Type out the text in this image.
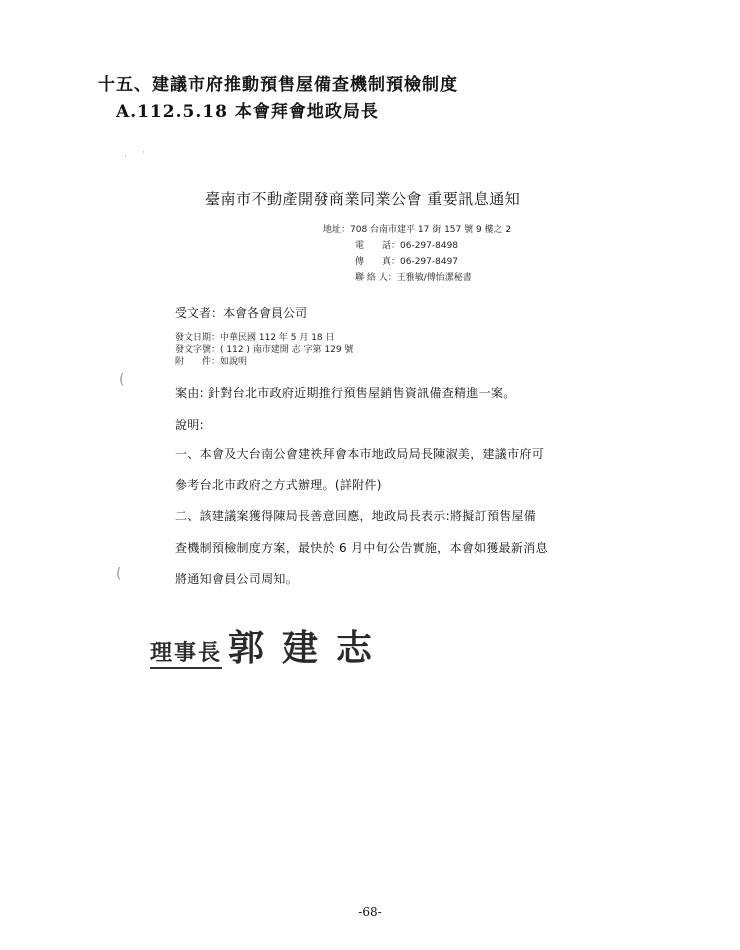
十五、建議市府推動預售屋備查機制預檢制度
A.112.5.18 本會拜會地政局長
· ·
(
(
臺南市不動產開發商業同業公會 重要訊息通知
地址：708 台南市建平 17 街 157 號 9 樓之 2
電　　話：06-297-8498
傳　　真：06-297-8497
聯 絡 人：王雅敏/傅怡潔秘書
受文者：本會各會員公司
發文日期：中華民國 112 年 5 月 18 日
發文字號：( 112 ) 南市建開 志 字第 129 號
附　　件：如說明
案由: 針對台北市政府近期推行預售屋銷售資訊備查精進一案。
說明:
一、本會及大台南公會建祑拜會本市地政局局長陳淑美，建議市府可
參考台北市政府之方式辦理。(詳附件)
二、該建議案獲得陳局長善意回應，地政局長表示:將擬訂預售屋備
查機制預檢制度方案，最快於 6 月中旬公告實施，本會如獲最新消息
將通知會員公司周知。
理事長 郭建志
-68-
